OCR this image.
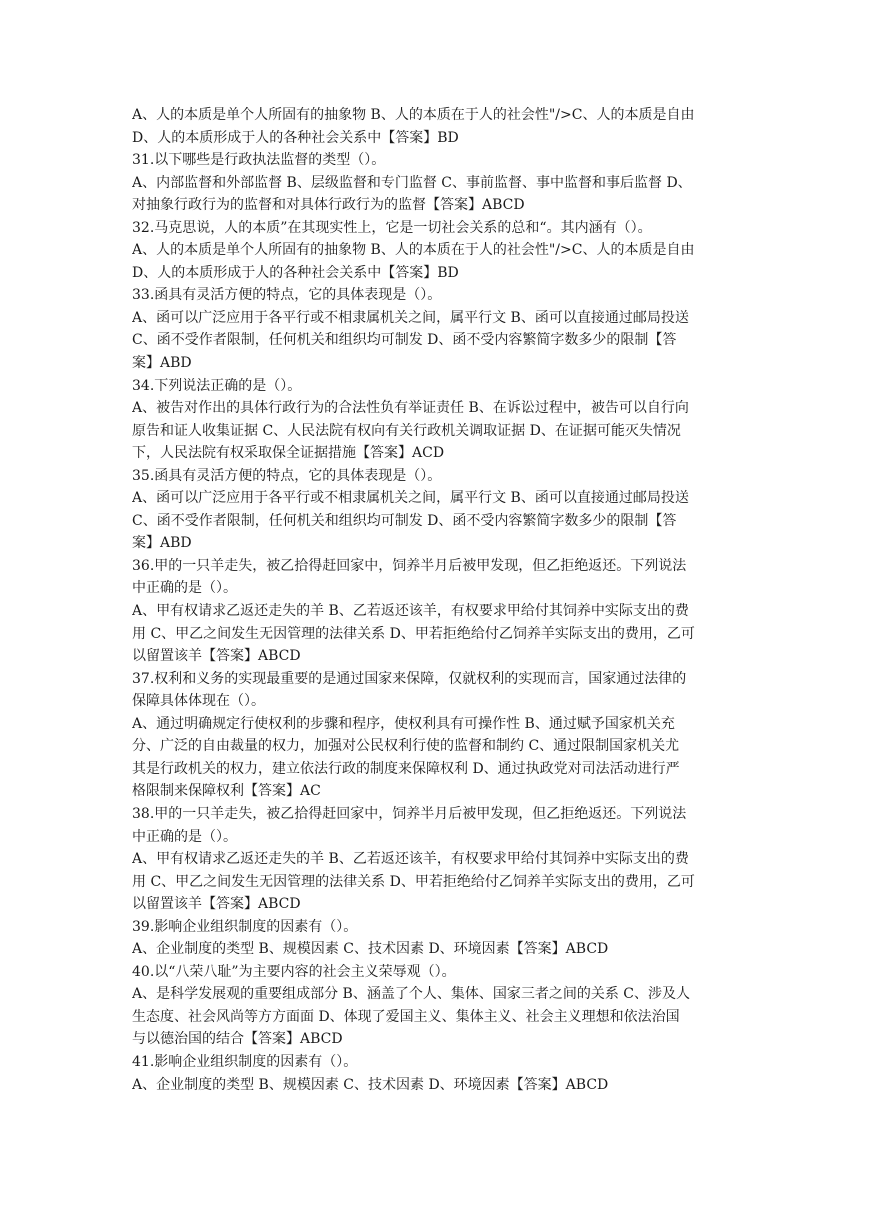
A、人的本质是单个人所固有的抽象物 B、人的本质在于人的社会性"/>C、人的本质是自由
D、人的本质形成于人的各种社会关系中【答案】BD
31.以下哪些是行政执法监督的类型（）。
A、内部监督和外部监督 B、层级监督和专门监督 C、事前监督、事中监督和事后监督 D、
对抽象行政行为的监督和对具体行政行为的监督【答案】ABCD
32.马克思说，人的本质”在其现实性上，它是一切社会关系的总和“。其内涵有（）。
A、人的本质是单个人所固有的抽象物 B、人的本质在于人的社会性"/>C、人的本质是自由
D、人的本质形成于人的各种社会关系中【答案】BD
33.函具有灵活方便的特点，它的具体表现是（）。
A、函可以广泛应用于各平行或不相隶属机关之间，属平行文 B、函可以直接通过邮局投送
C、函不受作者限制，任何机关和组织均可制发 D、函不受内容繁简字数多少的限制【答
案】ABD
34.下列说法正确的是（）。
A、被告对作出的具体行政行为的合法性负有举证责任 B、在诉讼过程中，被告可以自行向
原告和证人收集证据 C、人民法院有权向有关行政机关调取证据 D、在证据可能灭失情况
下，人民法院有权采取保全证据措施【答案】ACD
35.函具有灵活方便的特点，它的具体表现是（）。
A、函可以广泛应用于各平行或不相隶属机关之间，属平行文 B、函可以直接通过邮局投送
C、函不受作者限制，任何机关和组织均可制发 D、函不受内容繁简字数多少的限制【答
案】ABD
36.甲的一只羊走失，被乙拾得赶回家中，饲养半月后被甲发现，但乙拒绝返还。下列说法
中正确的是（）。
A、甲有权请求乙返还走失的羊 B、乙若返还该羊，有权要求甲给付其饲养中实际支出的费
用 C、甲乙之间发生无因管理的法律关系 D、甲若拒绝给付乙饲养羊实际支出的费用，乙可
以留置该羊【答案】ABCD
37.权利和义务的实现最重要的是通过国家来保障，仅就权利的实现而言，国家通过法律的
保障具体体现在（）。
A、通过明确规定行使权利的步骤和程序，使权利具有可操作性 B、通过赋予国家机关充
分、广泛的自由裁量的权力，加强对公民权利行使的监督和制约 C、通过限制国家机关尤
其是行政机关的权力，建立依法行政的制度来保障权利 D、通过执政党对司法活动进行严
格限制来保障权利【答案】AC
38.甲的一只羊走失，被乙拾得赶回家中，饲养半月后被甲发现，但乙拒绝返还。下列说法
中正确的是（）。
A、甲有权请求乙返还走失的羊 B、乙若返还该羊，有权要求甲给付其饲养中实际支出的费
用 C、甲乙之间发生无因管理的法律关系 D、甲若拒绝给付乙饲养羊实际支出的费用，乙可
以留置该羊【答案】ABCD
39.影响企业组织制度的因素有（）。
A、企业制度的类型 B、规模因素 C、技术因素 D、环境因素【答案】ABCD
40.以“八荣八耻”为主要内容的社会主义荣辱观（）。
A、是科学发展观的重要组成部分 B、涵盖了个人、集体、国家三者之间的关系 C、涉及人
生态度、社会风尚等方方面面 D、体现了爱国主义、集体主义、社会主义理想和依法治国
与以德治国的结合【答案】ABCD
41.影响企业组织制度的因素有（）。
A、企业制度的类型 B、规模因素 C、技术因素 D、环境因素【答案】ABCD
